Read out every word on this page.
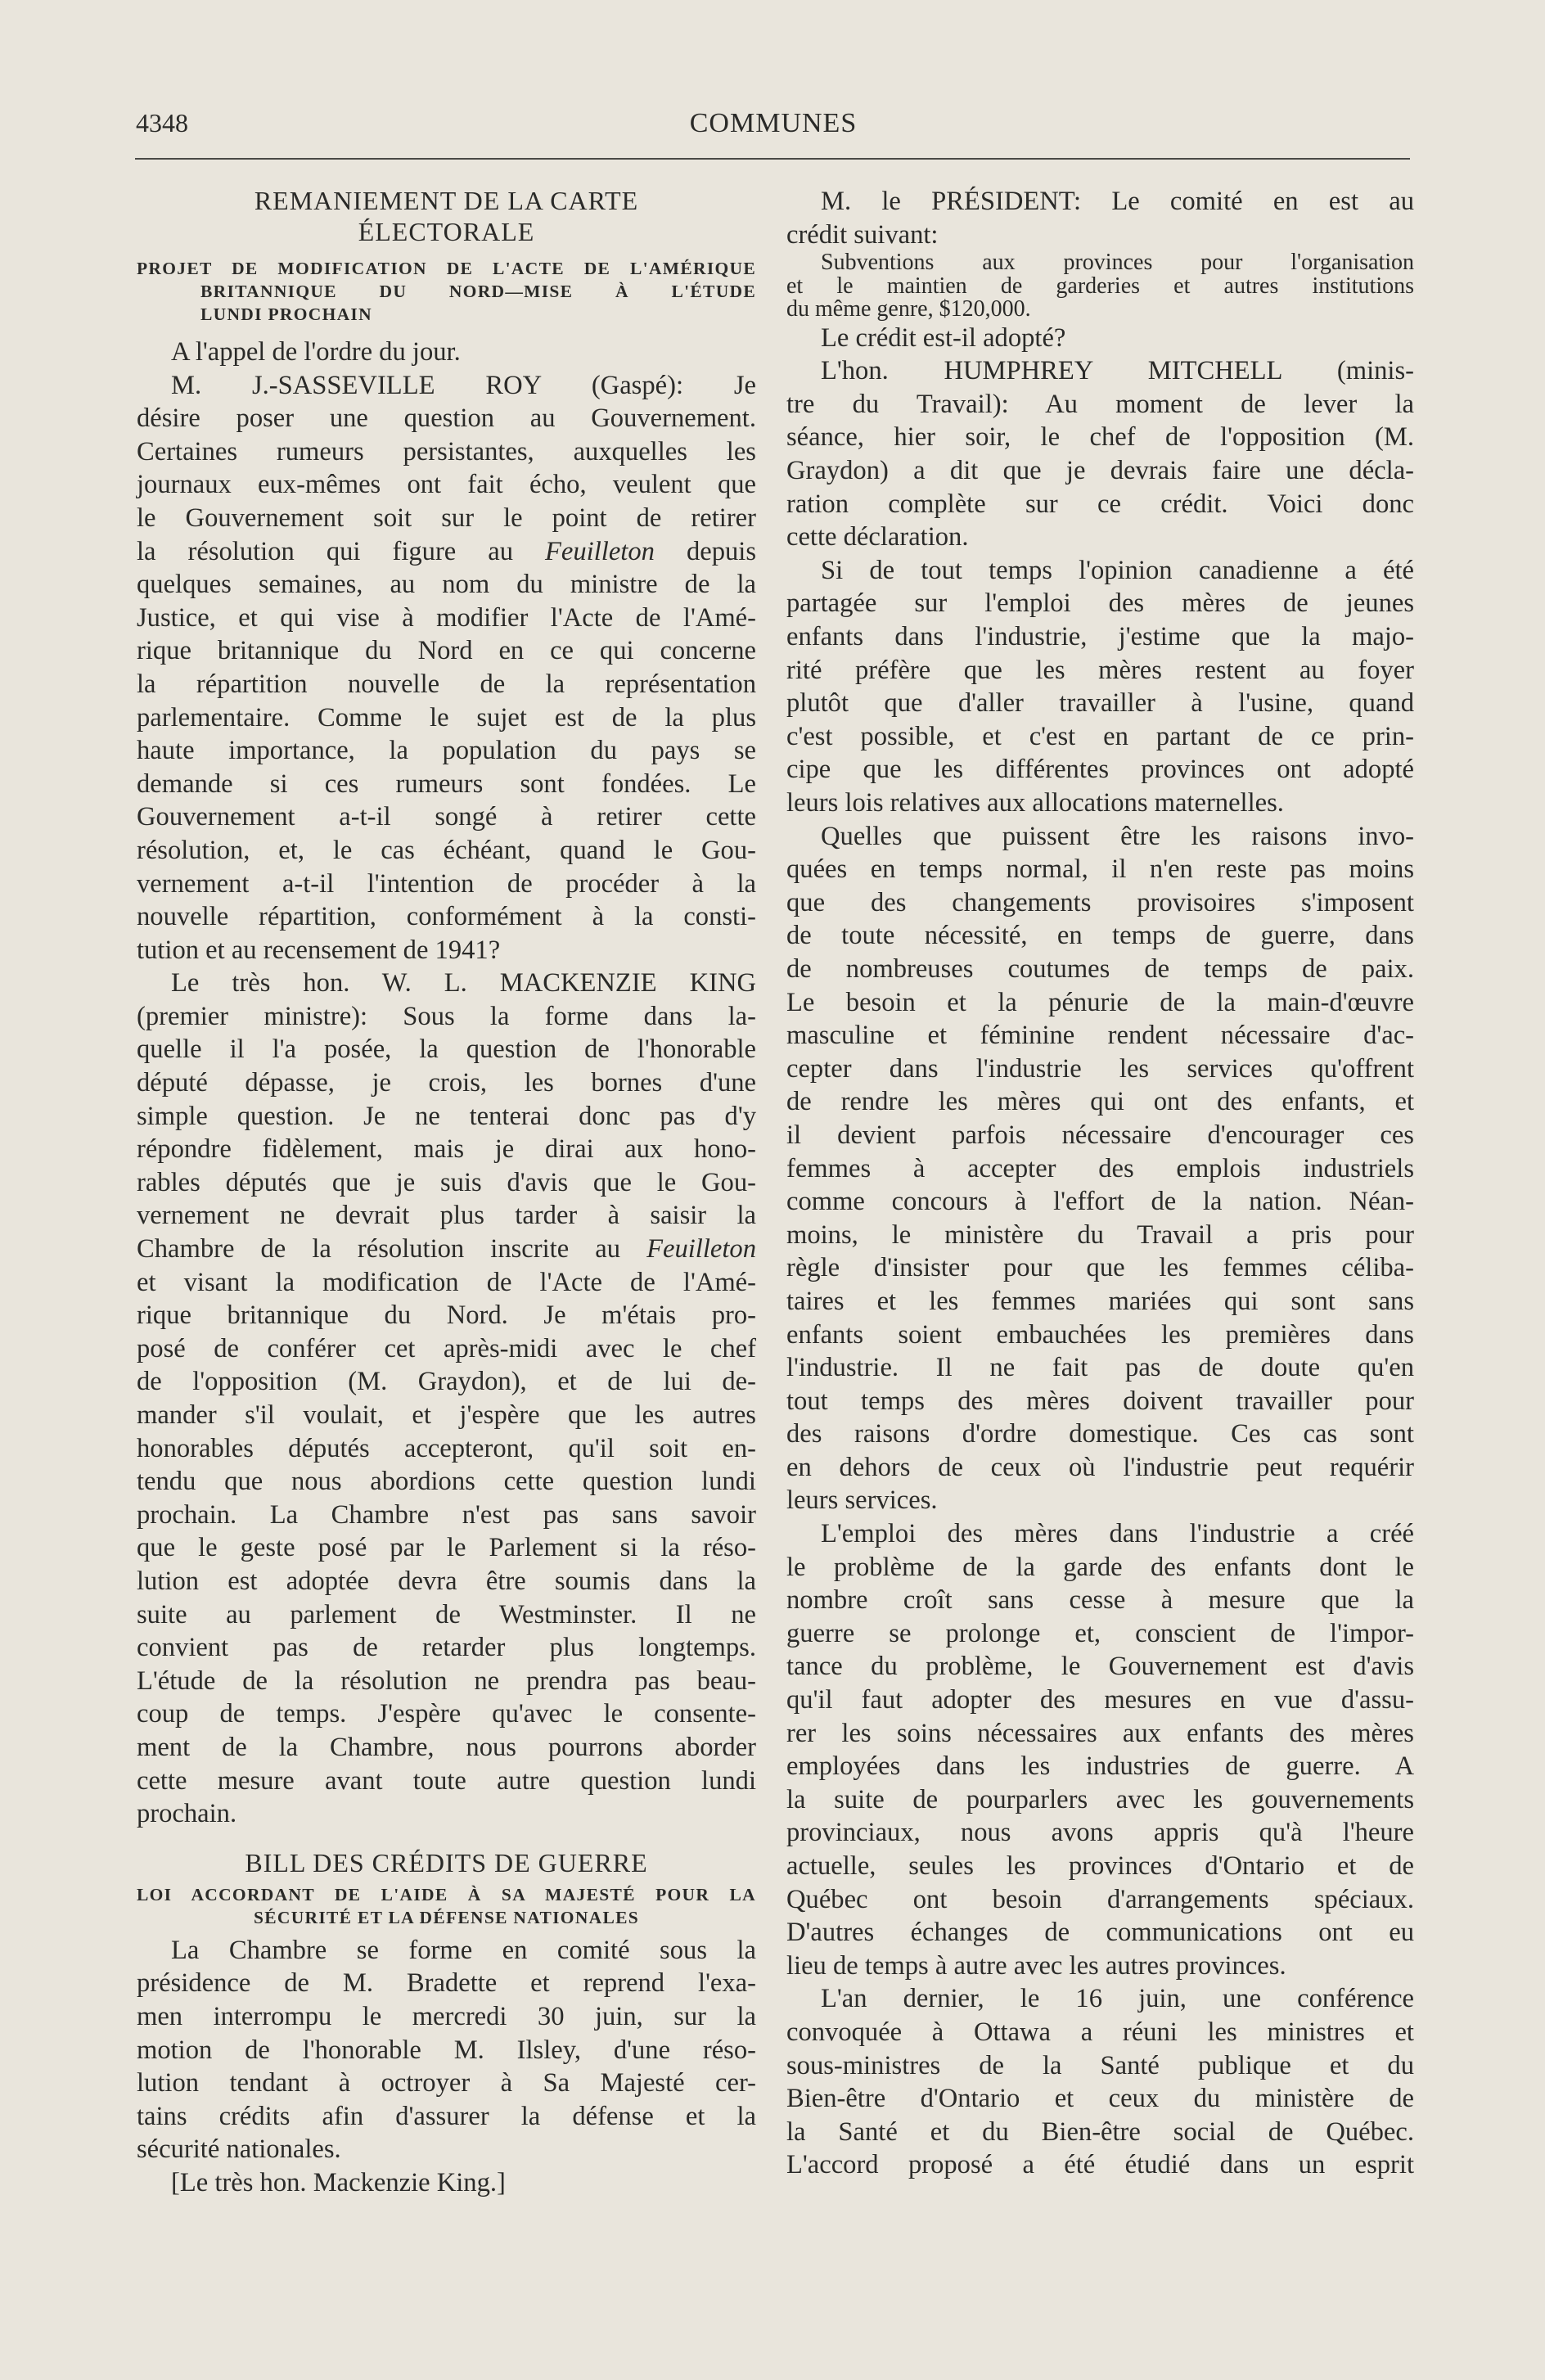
COMMUNES
4348
REMANIEMENT DE LA CARTE
ÉLECTORALE
PROJET DE MODIFICATION DE L'ACTE DE L'AMÉRIQUE
BRITANNIQUE DU NORD—MISE À L'ÉTUDE
LUNDI PROCHAIN

A l'appel de l'ordre du jour.

M. J.-SASSEVILLE ROY (Gaspé): Je
désire poser une question au Gouvernement.
Certaines rumeurs persistantes, auxquelles les
journaux eux-mêmes ont fait écho, veulent que
le Gouvernement soit sur le point de retirer
la résolution qui figure au Feuilleton depuis
quelques semaines, au nom du ministre de la
Justice, et qui vise à modifier l'Acte de l'Amé-
rique britannique du Nord en ce qui concerne
la répartition nouvelle de la représentation
parlementaire. Comme le sujet est de la plus
haute importance, la population du pays se
demande si ces rumeurs sont fondées. Le
Gouvernement a-t-il songé à retirer cette
résolution, et, le cas échéant, quand le Gou-
vernement a-t-il l'intention de procéder à la
nouvelle répartition, conformément à la consti-
tution et au recensement de 1941?

Le très hon. W. L. MACKENZIE KING
(premier ministre): Sous la forme dans la-
quelle il l'a posée, la question de l'honorable
député dépasse, je crois, les bornes d'une
simple question. Je ne tenterai donc pas d'y
répondre fidèlement, mais je dirai aux hono-
rables députés que je suis d'avis que le Gou-
vernement ne devrait plus tarder à saisir la
Chambre de la résolution inscrite au Feuilleton
et visant la modification de l'Acte de l'Amé-
rique britannique du Nord. Je m'étais pro-
posé de conférer cet après-midi avec le chef
de l'opposition (M. Graydon), et de lui de-
mander s'il voulait, et j'espère que les autres
honorables députés accepteront, qu'il soit en-
tendu que nous abordions cette question lundi
prochain. La Chambre n'est pas sans savoir
que le geste posé par le Parlement si la réso-
lution est adoptée devra être soumis dans la
suite au parlement de Westminster. Il ne
convient pas de retarder plus longtemps.
L'étude de la résolution ne prendra pas beau-
coup de temps. J'espère qu'avec le consente-
ment de la Chambre, nous pourrons aborder
cette mesure avant toute autre question lundi
prochain.

BILL DES CRÉDITS DE GUERRE
LOI ACCORDANT DE L'AIDE À SA MAJESTÉ POUR LA
SÉCURITÉ ET LA DÉFENSE NATIONALES

La Chambre se forme en comité sous la
présidence de M. Bradette et reprend l'exa-
men interrompu le mercredi 30 juin, sur la
motion de l'honorable M. Ilsley, d'une réso-
lution tendant à octroyer à Sa Majesté cer-
tains crédits afin d'assurer la défense et la
sécurité nationales.

[Le très hon. Mackenzie King.]

M. le PRÉSIDENT: Le comité en est au
crédit suivant:

Subventions aux provinces pour l'organisation
et le maintien de garderies et autres institutions
du même genre, $120,000.

Le crédit est-il adopté?

L'hon. HUMPHREY MITCHELL (minis-
tre du Travail): Au moment de lever la
séance, hier soir, le chef de l'opposition (M.
Graydon) a dit que je devrais faire une décla-
ration complète sur ce crédit. Voici donc
cette déclaration.

Si de tout temps l'opinion canadienne a été
partagée sur l'emploi des mères de jeunes
enfants dans l'industrie, j'estime que la majo-
rité préfère que les mères restent au foyer
plutôt que d'aller travailler à l'usine, quand
c'est possible, et c'est en partant de ce prin-
cipe que les différentes provinces ont adopté
leurs lois relatives aux allocations maternelles.

Quelles que puissent être les raisons invo-
quées en temps normal, il n'en reste pas moins
que des changements provisoires s'imposent
de toute nécessité, en temps de guerre, dans
de nombreuses coutumes de temps de paix.
Le besoin et la pénurie de la main-d'œuvre
masculine et féminine rendent nécessaire d'ac-
cepter dans l'industrie les services qu'offrent
de rendre les mères qui ont des enfants, et
il devient parfois nécessaire d'encourager ces
femmes à accepter des emplois industriels
comme concours à l'effort de la nation. Néan-
moins, le ministère du Travail a pris pour
règle d'insister pour que les femmes céliba-
taires et les femmes mariées qui sont sans
enfants soient embauchées les premières dans
l'industrie. Il ne fait pas de doute qu'en
tout temps des mères doivent travailler pour
des raisons d'ordre domestique. Ces cas sont
en dehors de ceux où l'industrie peut requérir
leurs services.

L'emploi des mères dans l'industrie a créé
le problème de la garde des enfants dont le
nombre croît sans cesse à mesure que la
guerre se prolonge et, conscient de l'impor-
tance du problème, le Gouvernement est d'avis
qu'il faut adopter des mesures en vue d'assu-
rer les soins nécessaires aux enfants des mères
employées dans les industries de guerre. A
la suite de pourparlers avec les gouvernements
provinciaux, nous avons appris qu'à l'heure
actuelle, seules les provinces d'Ontario et de
Québec ont besoin d'arrangements spéciaux.
D'autres échanges de communications ont eu
lieu de temps à autre avec les autres provinces.

L'an dernier, le 16 juin, une conférence
convoquée à Ottawa a réuni les ministres et
sous-ministres de la Santé publique et du
Bien-être d'Ontario et ceux du ministère de
la Santé et du Bien-être social de Québec.
L'accord proposé a été étudié dans un esprit
